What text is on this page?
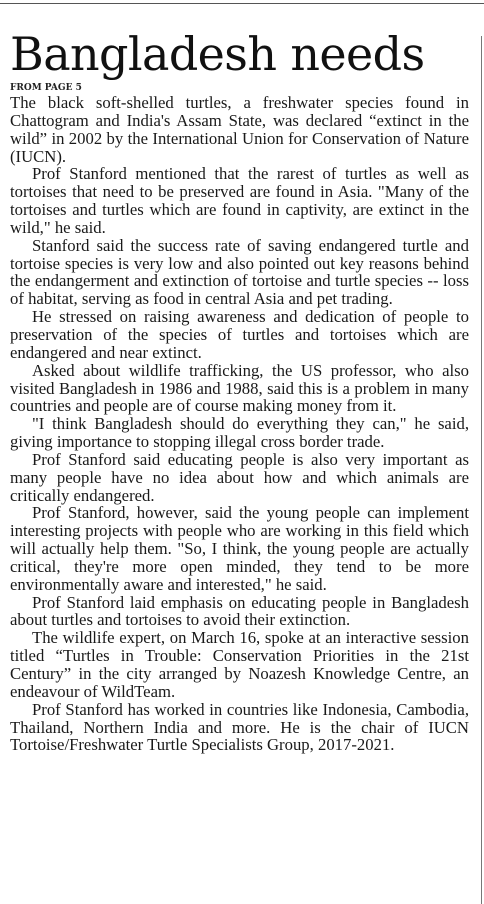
Bangladesh needs
FROM PAGE 5

The black soft-shelled turtles, a freshwater species found in Chattogram and India's Assam State, was declared “extinct in the wild” in 2002 by the International Union for Conservation of Nature (IUCN).

Prof Stanford mentioned that the rarest of turtles as well as tortoises that need to be preserved are found in Asia. "Many of the tortoises and turtles which are found in captivity, are extinct in the wild," he said.

Stanford said the success rate of saving endangered turtle and tortoise species is very low and also pointed out key reasons behind the endangerment and extinction of tortoise and turtle species -- loss of habitat, serving as food in central Asia and pet trading.

He stressed on raising awareness and dedication of people to preservation of the species of turtles and tortoises which are endangered and near extinct.

Asked about wildlife trafficking, the US professor, who also visited Bangladesh in 1986 and 1988, said this is a problem in many countries and people are of course making money from it.

"I think Bangladesh should do everything they can," he said, giving importance to stopping illegal cross border trade.

Prof Stanford said educating people is also very important as many people have no idea about how and which animals are critically endangered.

Prof Stanford, however, said the young people can implement interesting projects with people who are working in this field which will actually help them. "So, I think, the young people are actually critical, they're more open minded, they tend to be more environmentally aware and interested," he said.

Prof Stanford laid emphasis on educating people in Bangladesh about turtles and tortoises to avoid their extinction.

The wildlife expert, on March 16, spoke at an interactive session titled “Turtles in Trouble: Conservation Priorities in the 21st Century” in the city arranged by Noazesh Knowledge Centre, an endeavour of WildTeam.

Prof Stanford has worked in countries like Indonesia, Cambodia, Thailand, Northern India and more. He is the chair of IUCN Tortoise/Freshwater Turtle Specialists Group, 2017-2021.
